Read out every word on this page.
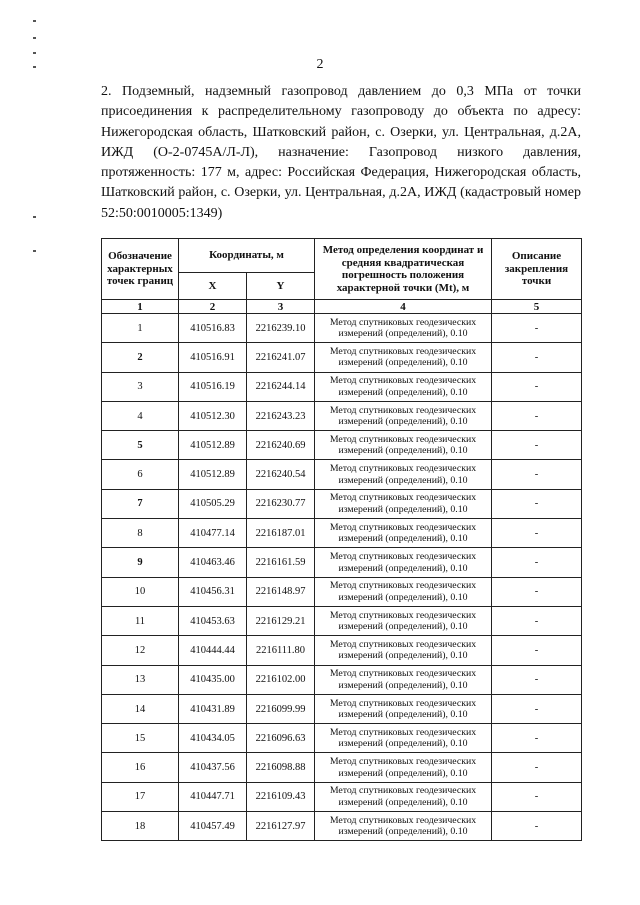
2

2. Подземный, надземный газопровод давлением до 0,3 МПа от точки присоединения к распределительному газопроводу до объекта по адресу: Нижегородская область, Шатковский район, с. Озерки, ул. Центральная, д.2А, ИЖД (О-2-0745А/Л-Л), назначение: Газопровод низкого давления, протяженность: 177 м, адрес: Российская Федерация, Нижегородская область, Шатковский район, с. Озерки, ул. Центральная, д.2А, ИЖД (кадастровый номер 52:50:0010005:1349)

Обозначение характерных точек границ	Координаты, м		Метод определения координат и средняя квадратическая погрешность положения характерной точки (Mt), м	Описание закрепления точки
	X	Y		
1	2	3	4	5
1	410516.83	2216239.10	Метод спутниковых геодезических измерений (определений), 0.10	-
2	410516.91	2216241.07	Метод спутниковых геодезических измерений (определений), 0.10	-
3	410516.19	2216244.14	Метод спутниковых геодезических измерений (определений), 0.10	-
4	410512.30	2216243.23	Метод спутниковых геодезических измерений (определений), 0.10	-
5	410512.89	2216240.69	Метод спутниковых геодезических измерений (определений), 0.10	-
6	410512.89	2216240.54	Метод спутниковых геодезических измерений (определений), 0.10	-
7	410505.29	2216230.77	Метод спутниковых геодезических измерений (определений), 0.10	-
8	410477.14	2216187.01	Метод спутниковых геодезических измерений (определений), 0.10	-
9	410463.46	2216161.59	Метод спутниковых геодезических измерений (определений), 0.10	-
10	410456.31	2216148.97	Метод спутниковых геодезических измерений (определений), 0.10	-
11	410453.63	2216129.21	Метод спутниковых геодезических измерений (определений), 0.10	-
12	410444.44	2216111.80	Метод спутниковых геодезических измерений (определений), 0.10	-
13	410435.00	2216102.00	Метод спутниковых геодезических измерений (определений), 0.10	-
14	410431.89	2216099.99	Метод спутниковых геодезических измерений (определений), 0.10	-
15	410434.05	2216096.63	Метод спутниковых геодезических измерений (определений), 0.10	-
16	410437.56	2216098.88	Метод спутниковых геодезических измерений (определений), 0.10	-
17	410447.71	2216109.43	Метод спутниковых геодезических измерений (определений), 0.10	-
18	410457.49	2216127.97	Метод спутниковых геодезических измерений (определений), 0.10	-
